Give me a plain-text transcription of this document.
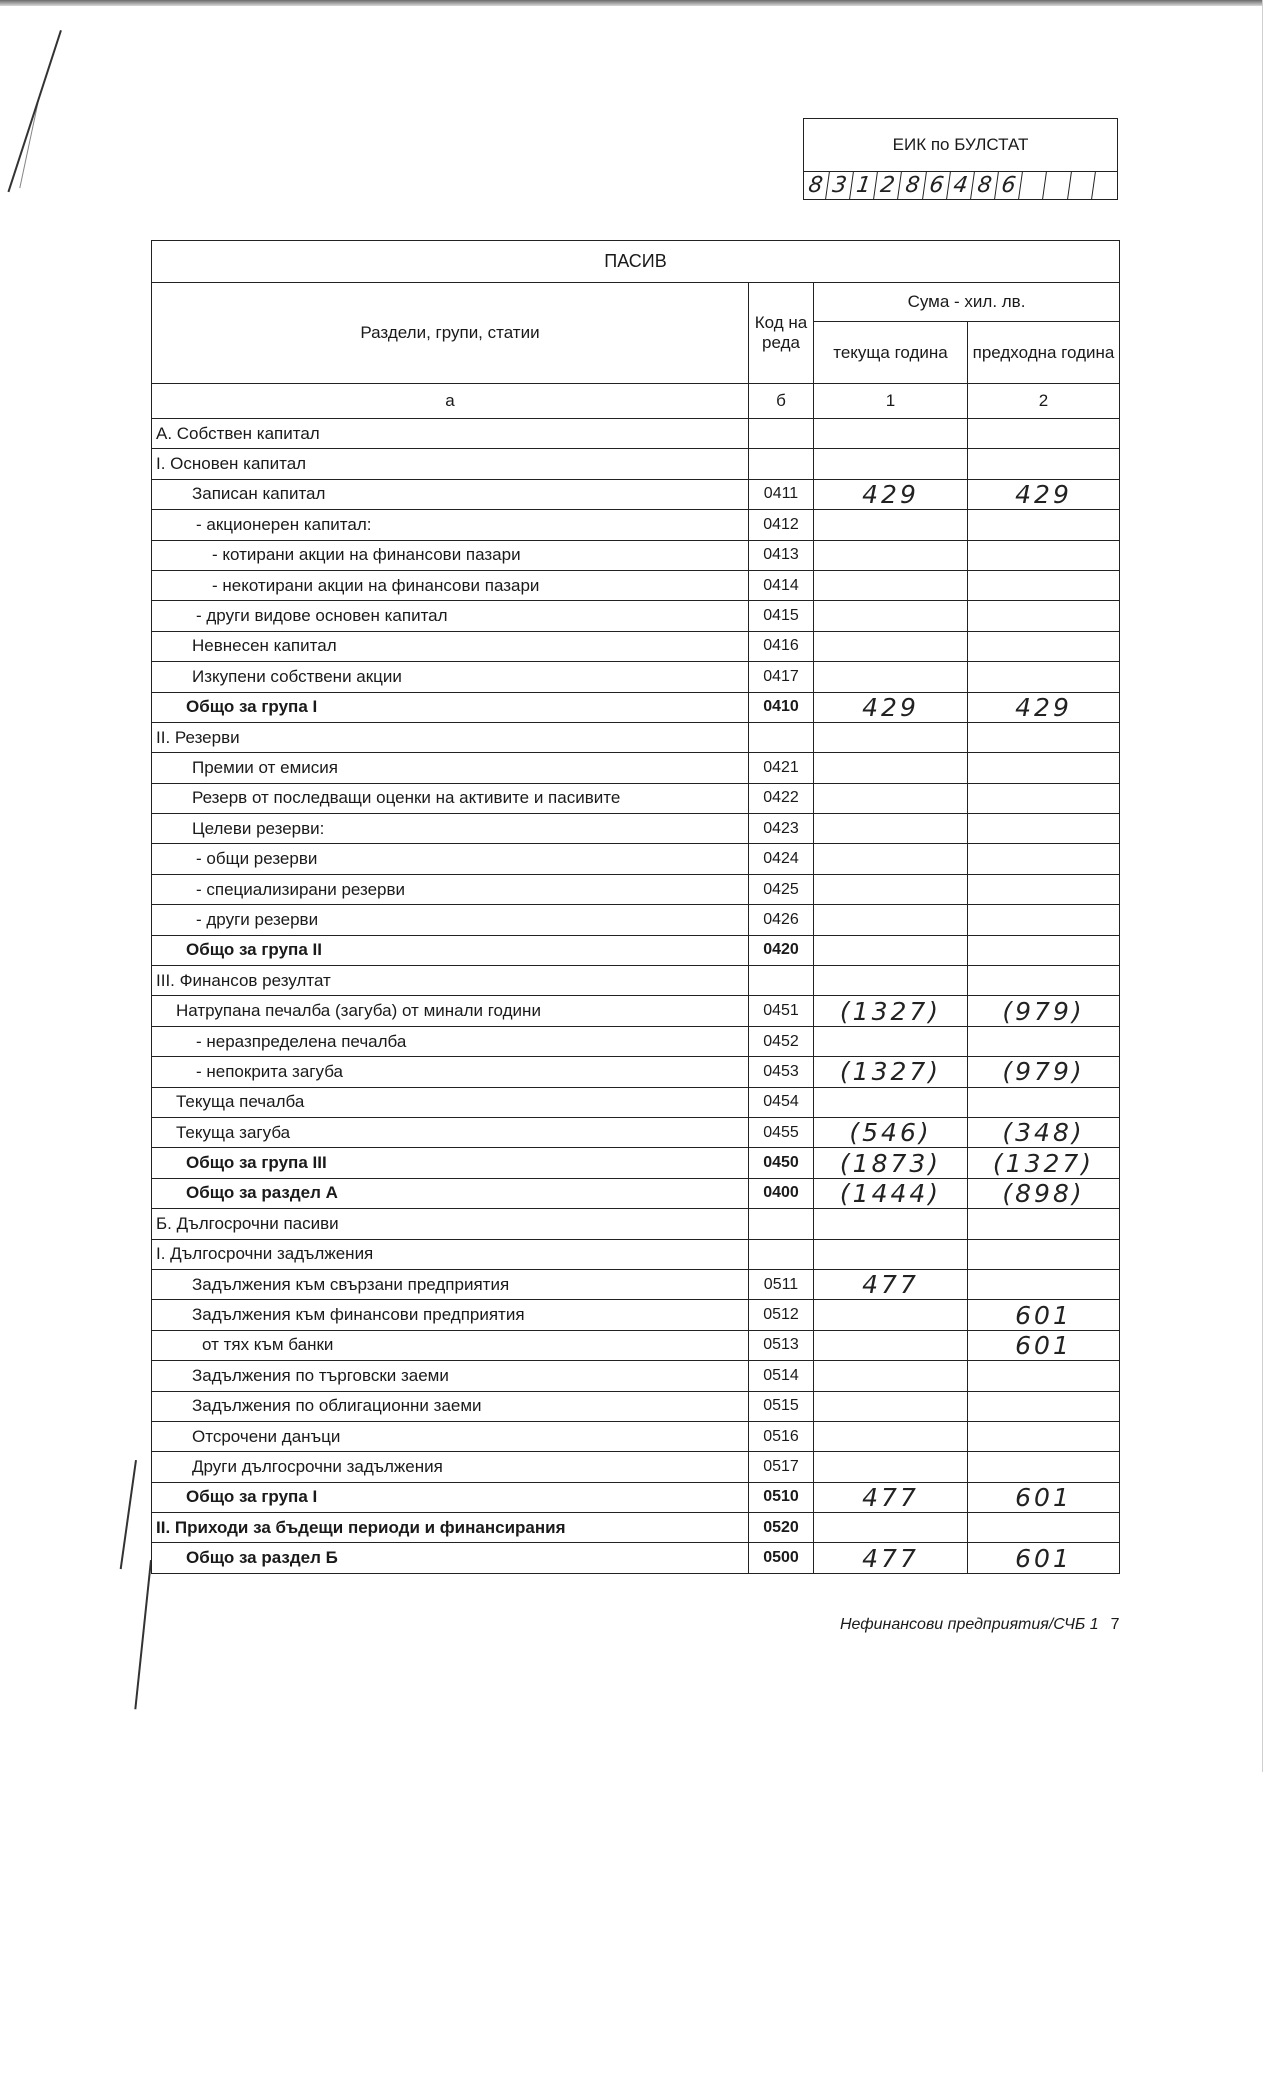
ЕИК по БУЛСТАТ
8 3 1 2 8 6 4 8 6
ПАСИВ			
Раздели, групи, статии	Код на реда	Сума - хил. лв.	
		текуща година	предходна година
а	б	1	2
А. Собствен капитал			
I. Основен капитал			
Записан капитал	0411	429	429
- акционерен капитал:	0412		
- котирани акции на финансови пазари	0413		
- некотирани акции на финансови пазари	0414		
- други видове основен капитал	0415		
Невнесен капитал	0416		
Изкупени собствени акции	0417		
Общо за група I	0410	429	429
II. Резерви			
Премии от емисия	0421		
Резерв от последващи оценки на активите и пасивите	0422		
Целеви резерви:	0423		
- общи резерви	0424		
- специализирани резерви	0425		
- други резерви	0426		
Общо за група II	0420		
III. Финансов резултат			
Натрупана печалба (загуба) от минали години	0451	(1327)	(979)
- неразпределена печалба	0452		
- непокрита загуба	0453	(1327)	(979)
Текуща печалба	0454		
Текуща загуба	0455	(546)	(348)
Общо за група III	0450	(1873)	(1327)
Общо за раздел А	0400	(1444)	(898)
Б. Дългосрочни пасиви			
I. Дългосрочни задължения			
Задължения към свързани предприятия	0511	477	
Задължения към финансови предприятия	0512		601
от тях към банки	0513		601
Задължения по търговски заеми	0514		
Задължения по облигационни заеми	0515		
Отсрочени данъци	0516		
Други дългосрочни задължения	0517		
Общо за група I	0510	477	601
II. Приходи за бъдещи периоди и финансирания	0520		
Общо за раздел Б	0500	477	601
Нефинансови предприятия/СЧБ 1 7
